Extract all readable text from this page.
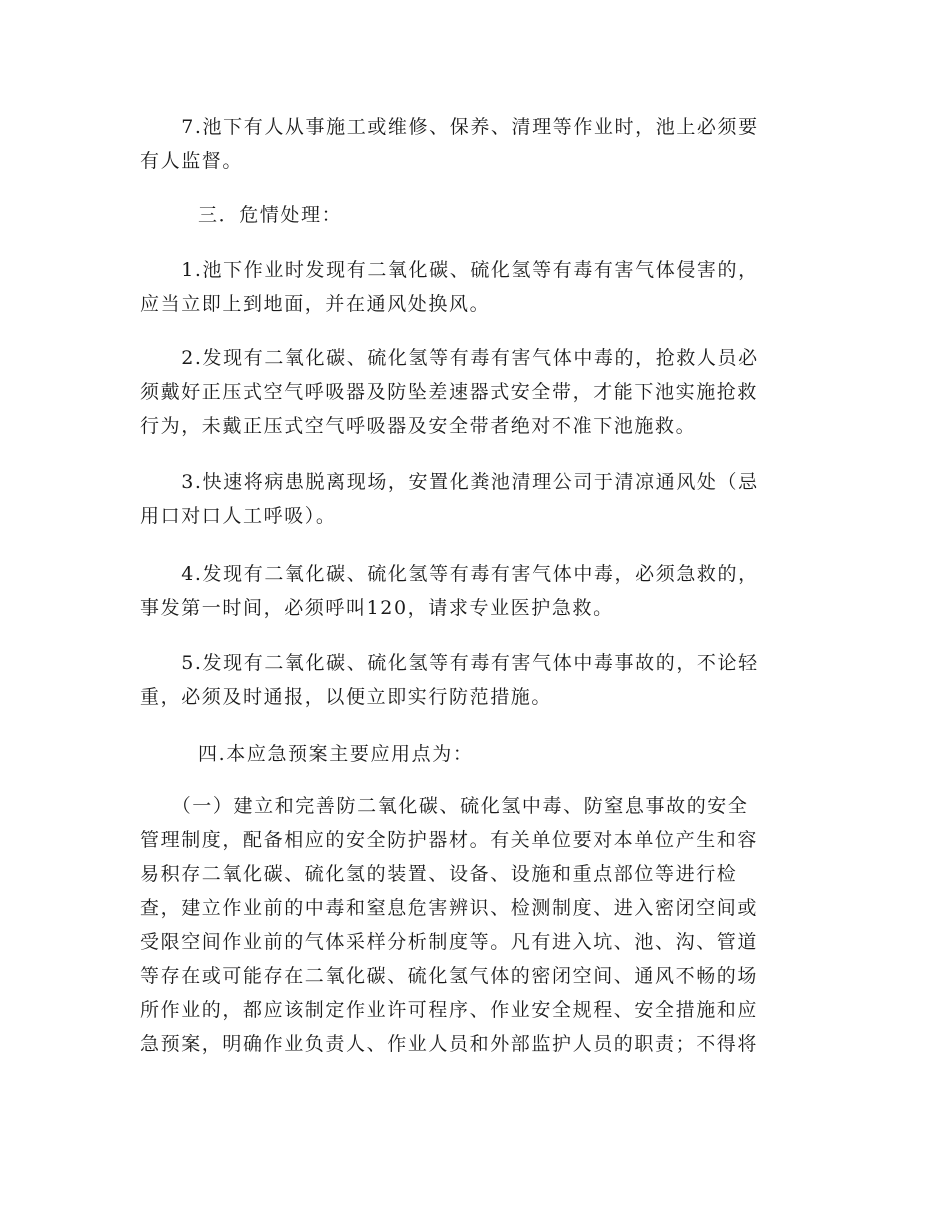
　　7.池下有人从事施工或维修、保养、清理等作业时，池上必须要
有人监督。

三．危情处理：

　　1.池下作业时发现有二氧化碳、硫化氢等有毒有害气体侵害的，
应当立即上到地面，并在通风处换风。

　　2.发现有二氧化碳、硫化氢等有毒有害气体中毒的，抢救人员必
须戴好正压式空气呼吸器及防坠差速器式安全带，才能下池实施抢救
行为，未戴正压式空气呼吸器及安全带者绝对不准下池施救。

　　3.快速将病患脱离现场，安置化粪池清理公司于清凉通风处（忌
用口对口人工呼吸）。

　　4.发现有二氧化碳、硫化氢等有毒有害气体中毒，必须急救的，
事发第一时间，必须呼叫120，请求专业医护急救。

　　5.发现有二氧化碳、硫化氢等有毒有害气体中毒事故的，不论轻
重，必须及时通报，以便立即实行防范措施。

四.本应急预案主要应用点为：

　　（一）建立和完善防二氧化碳、硫化氢中毒、防窒息事故的安全
管理制度，配备相应的安全防护器材。有关单位要对本单位产生和容
易积存二氧化碳、硫化氢的装置、设备、设施和重点部位等进行检
查，建立作业前的中毒和窒息危害辨识、检测制度、进入密闭空间或
受限空间作业前的气体采样分析制度等。凡有进入坑、池、沟、管道
等存在或可能存在二氧化碳、硫化氢气体的密闭空间、通风不畅的场
所作业的，都应该制定作业许可程序、作业安全规程、安全措施和应
急预案，明确作业负责人、作业人员和外部监护人员的职责；不得将
